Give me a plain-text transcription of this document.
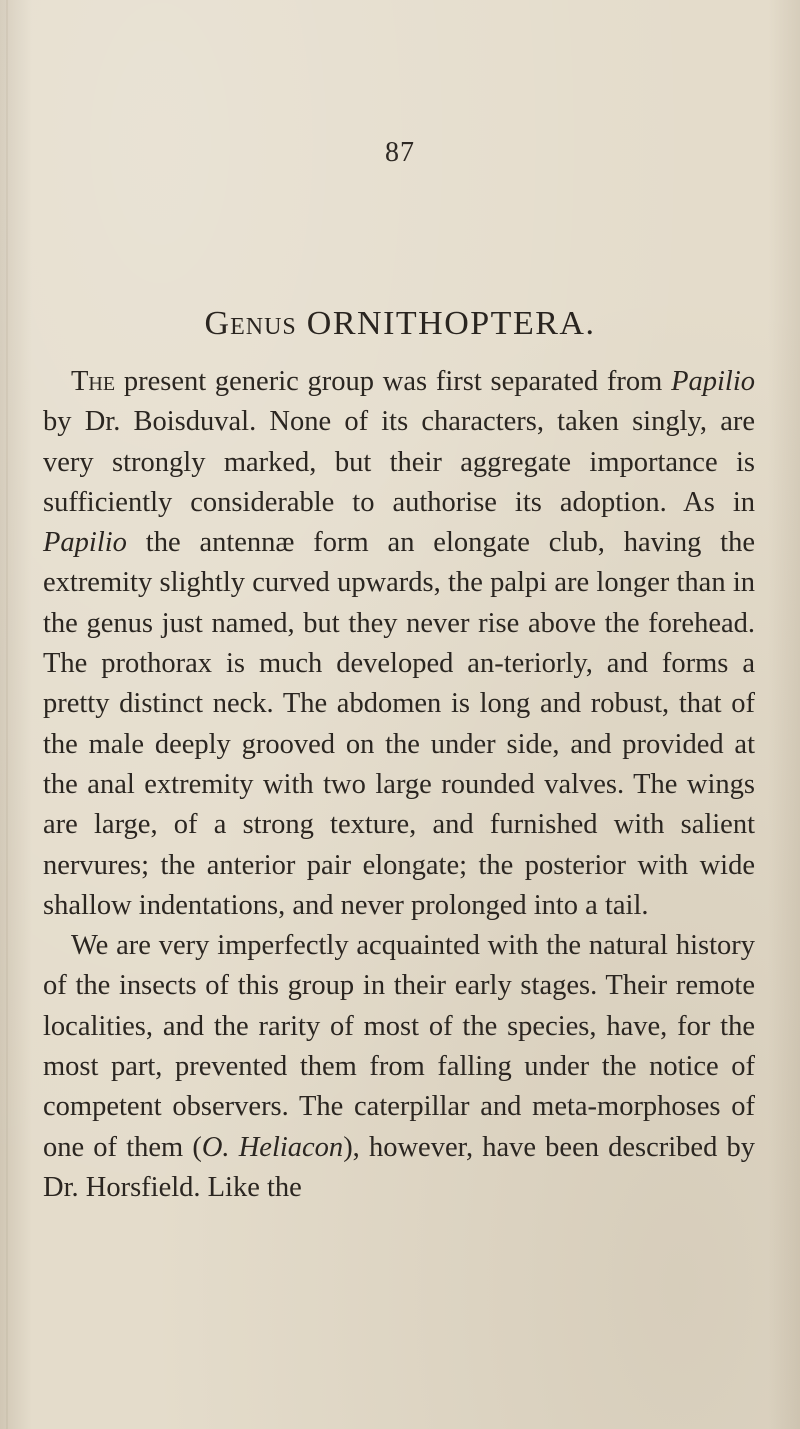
87
Genus ORNITHOPTERA.

The present generic group was first separated from Papilio by Dr. Boisduval. None of its characters, taken singly, are very strongly marked, but their aggregate importance is sufficiently considerable to authorise its adoption. As in Papilio the antennæ form an elongate club, having the extremity slightly curved upwards, the palpi are longer than in the genus just named, but they never rise above the forehead. The prothorax is much developed an-teriorly, and forms a pretty distinct neck. The abdomen is long and robust, that of the male deeply grooved on the under side, and provided at the anal extremity with two large rounded valves. The wings are large, of a strong texture, and furnished with salient nervures; the anterior pair elongate; the posterior with wide shallow indentations, and never prolonged into a tail.

We are very imperfectly acquainted with the natural history of the insects of this group in their early stages. Their remote localities, and the rarity of most of the species, have, for the most part, prevented them from falling under the notice of competent observers. The caterpillar and meta-morphoses of one of them (O. Heliacon), however, have been described by Dr. Horsfield. Like the
